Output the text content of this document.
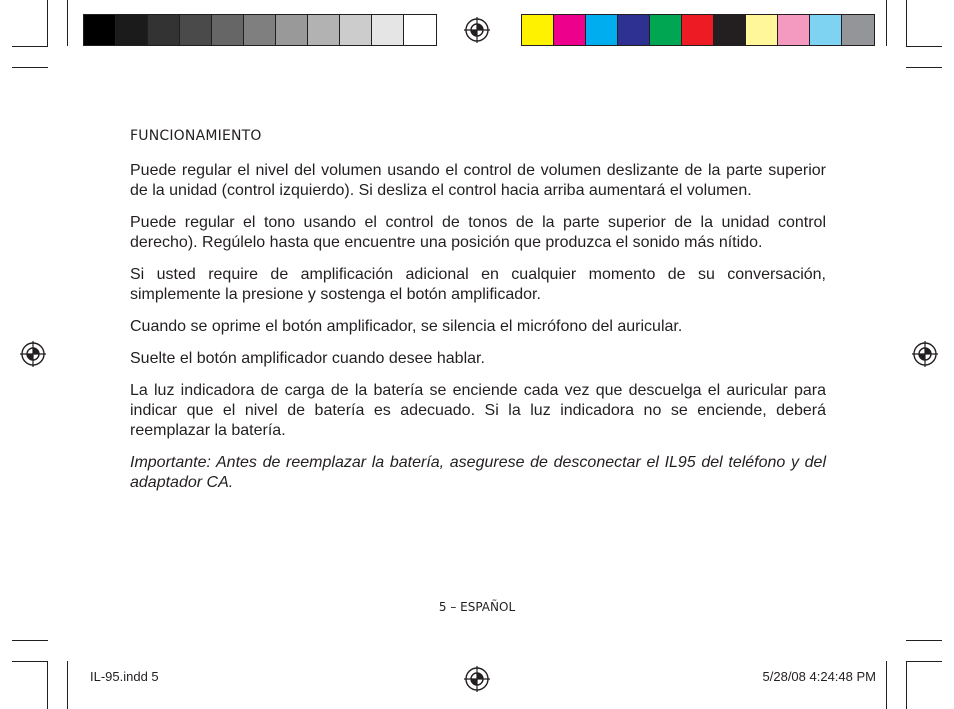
FUNCIONAMIENTO

Puede regular el nivel del volumen usando el control de volumen deslizante de la parte superior de la unidad (control izquierdo). Si desliza el control hacia arriba aumentará el volumen.

Puede regular el tono usando el control de tonos de la parte superior de la unidad control derecho). Regúlelo hasta que encuentre una posición que produzca el sonido más nítido.

Si usted require de amplificación adicional en cualquier momento de su conversación, simplemente la presione y sostenga el botón amplificador.

Cuando se oprime el botón amplificador, se silencia el micrófono del auricular.

Suelte el botón amplificador cuando desee hablar.

La luz indicadora de carga de la batería se enciende cada vez que descuelga el auricular para indicar que el nivel de batería es adecuado. Si la luz indicadora no se enciende, deberá reemplazar la batería.

Importante: Antes de reemplazar la batería, asegurese de desconectar el IL95 del teléfono y del adaptador CA.

5 – ESPAÑOL
IL-95.indd 5	5/28/08 4:24:48 PM
